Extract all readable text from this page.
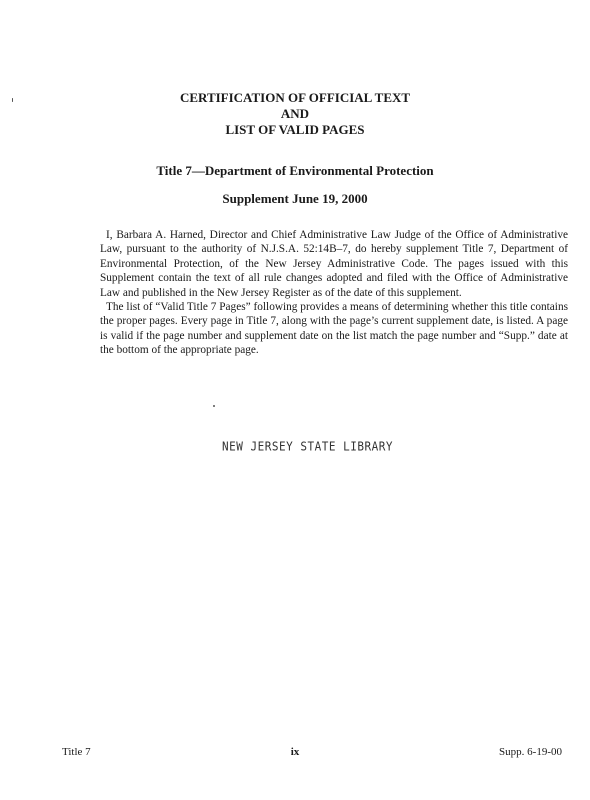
CERTIFICATION OF OFFICIAL TEXT
AND
LIST OF VALID PAGES
Title 7—Department of Environmental Protection
Supplement June 19, 2000

I, Barbara A. Harned, Director and Chief Administrative Law Judge of the Office of Administrative Law, pursuant to the authority of N.J.S.A. 52:14B–7, do hereby supplement Title 7, Department of Environmental Protection, of the New Jersey Administrative Code. The pages issued with this Supplement contain the text of all rule changes adopted and filed with the Office of Administrative Law and published in the New Jersey Register as of the date of this supplement.

The list of “Valid Title 7 Pages” following provides a means of determining whether this title contains the proper pages. Every page in Title 7, along with the page’s current supplement date, is listed. A page is valid if the page number and supplement date on the list match the page number and “Supp.” date at the bottom of the appropriate page.

NEW JERSEY STATE LIBRARY
Title 7	ix	Supp. 6-19-00
